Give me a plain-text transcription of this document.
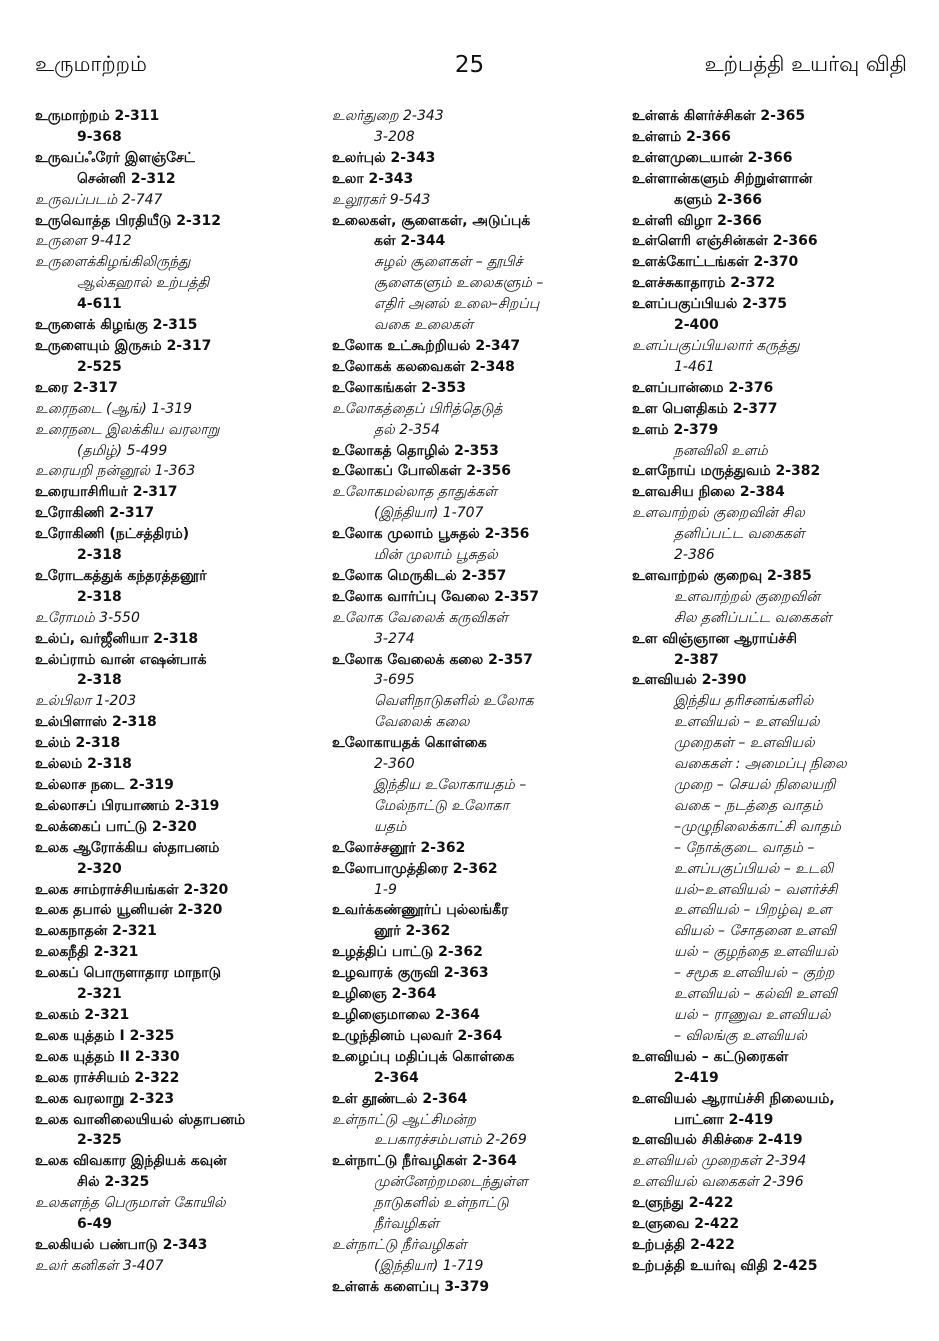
உருமாற்றம்	25	உற்பத்தி உயர்வு விதி
உருமாற்றம் 2-311
9-368
உருவப்ஃரேர் இளஞ்சேட்
சென்னி 2-312
உருவப்படம் 2-747
உருவொத்த பிரதியீடு 2-312
உருளை 9-412
உருளைக்கிழங்கிலிருந்து
ஆல்கஹால் உற்பத்தி
4-611
உருளைக் கிழங்கு 2-315
உருளையும் இருசும் 2-317
2-525
உரை 2-317
உரைநடை (ஆங்) 1-319
உரைநடை இலக்கிய வரலாறு
(தமிழ்) 5-499
உரையறி நன்னூல் 1-363
உரையாசிரியர் 2-317
உரோகிணி 2-317
உரோகிணி (நட்சத்திரம்)
2-318
உரோடகத்துக் கந்தரத்தனூர்
2-318
உரோமம் 3-550
உல்ப், வர்ஜீனியா 2-318
உல்ப்ராம் வான் எஷன்பாக்
2-318
உல்பிலா 1-203
உல்பிளாஸ் 2-318
உல்ம் 2-318
உல்லம் 2-318
உல்லாச நடை 2-319
உல்லாசப் பிரயாணம் 2-319
உலக்கைப் பாட்டு 2-320
உலக ஆரோக்கிய ஸ்தாபனம்
2-320
உலக சாம்ராச்சியங்கள் 2-320
உலக தபால் யூனியன் 2-320
உலகநாதன் 2-321
உலகநீதி 2-321
உலகப் பொருளாதார மாநாடு
2-321
உலகம் 2-321
உலக யுத்தம் I 2-325
உலக யுத்தம் II 2-330
உலக ராச்சியம் 2-322
உலக வரலாறு 2-323
உலக வானிலையியல் ஸ்தாபனம்
2-325
உலக விவகார இந்தியக் கவுன்
சில் 2-325
உலகளந்த பெருமாள் கோயில்
6-49
உலகியல் பண்பாடு 2-343
உலர் கனிகள் 3-407
உலர்துறை 2-343
3-208
உலர்புல் 2-343
உலா 2-343
உலூரகர் 9-543
உலைகள், சூளைகள், அடுப்புக்
கள் 2-344
சுழல் சூளைகள் – தூபிச்
சூளைகளும் உலைகளும் –
எதிர் அனல் உலை–சிறப்பு
வகை உலைகள்
உலோக உட்கூற்றியல் 2-347
உலோகக் கலவைகள் 2-348
உலோகங்கள் 2-353
உலோகத்தைப் பிரித்தெடுத்
தல் 2-354
உலோகத் தொழில் 2-353
உலோகப் போலிகள் 2-356
உலோகமல்லாத தாதுக்கள்
(இந்தியா) 1-707
உலோக முலாம் பூசுதல் 2-356
மின் முலாம் பூசுதல்
உலோக மெருகிடல் 2-357
உலோக வார்ப்பு வேலை 2-357
உலோக வேலைக் கருவிகள்
3-274
உலோக வேலைக் கலை 2-357
3-695
வெளிநாடுகளில் உலோக
வேலைக் கலை
உலோகாயதக் கொள்கை
2-360
இந்திய உலோகாயதம் –
மேல்நாட்டு உலோகா
யதம்
உலோச்சனூர் 2-362
உலோபாமுத்திரை 2-362
1-9
உவர்க்கண்ணூர்ப் புல்லங்கீர
னூர் 2-362
உழத்திப் பாட்டு 2-362
உழவாரக் குருவி 2-363
உழிஞை 2-364
உழிஞைமாலை 2-364
உழுந்தினம் புலவர் 2-364
உழைப்பு மதிப்புக் கொள்கை
2-364
உள் தூண்டல் 2-364
உள்நாட்டு ஆட்சிமன்ற
உபகாரச்சம்பளம் 2-269
உள்நாட்டு நீர்வழிகள் 2-364
முன்னேற்றமடைந்துள்ள
நாடுகளில் உள்நாட்டு
நீர்வழிகள்
உள்நாட்டு நீர்வழிகள்
(இந்தியா) 1-719
உள்ளக் களைப்பு 3-379
உள்ளக் கிளர்ச்சிகள் 2-365
உள்ளம் 2-366
உள்ளமுடையான் 2-366
உள்ளான்களும் சிற்றுள்ளான்
களும் 2-366
உள்ளி விழா 2-366
உள்ளெரி எஞ்சின்கள் 2-366
உளக்கோட்டங்கள் 2-370
உளச்சுகாதாரம் 2-372
உளப்பகுப்பியல் 2-375
2-400
உளப்பகுப்பியலார் கருத்து
1-461
உளப்பான்மை 2-376
உள பௌதிகம் 2-377
உளம் 2-379
நனவிலி உளம்
உளநோய் மருத்துவம் 2-382
உளவசிய நிலை 2-384
உளவாற்றல் குறைவின் சில
தனிப்பட்ட வகைகள்
2-386
உளவாற்றல் குறைவு 2-385
உளவாற்றல் குறைவின்
சில தனிப்பட்ட வகைகள்
உள விஞ்ஞான ஆராய்ச்சி
2-387
உளவியல் 2-390
இந்திய தரிசனங்களில்
உளவியல் – உளவியல்
முறைகள் – உளவியல்
வகைகள் : அமைப்பு நிலை
முறை – செயல் நிலையறி
வகை – நடத்தை வாதம்
–முழுநிலைக்காட்சி வாதம்
– நோக்குடை வாதம் –
உளப்பகுப்பியல் – உடலி
யல்–உளவியல் – வளர்ச்சி
உளவியல் – பிறழ்வு உள
வியல் – சோதனை உளவி
யல் – குழந்தை உளவியல்
– சமூக உளவியல் – குற்ற
உளவியல் – கல்வி உளவி
யல் – ராணுவ உளவியல்
– விலங்கு உளவியல்
உளவியல் – கட்டுரைகள்
2-419
உளவியல் ஆராய்ச்சி நிலையம்,
பாட்னா 2-419
உளவியல் சிகிச்சை 2-419
உளவியல் முறைகள் 2-394
உளவியல் வகைகள் 2-396
உளுந்து 2-422
உளுவை 2-422
உற்பத்தி 2-422
உற்பத்தி உயர்வு விதி 2-425
